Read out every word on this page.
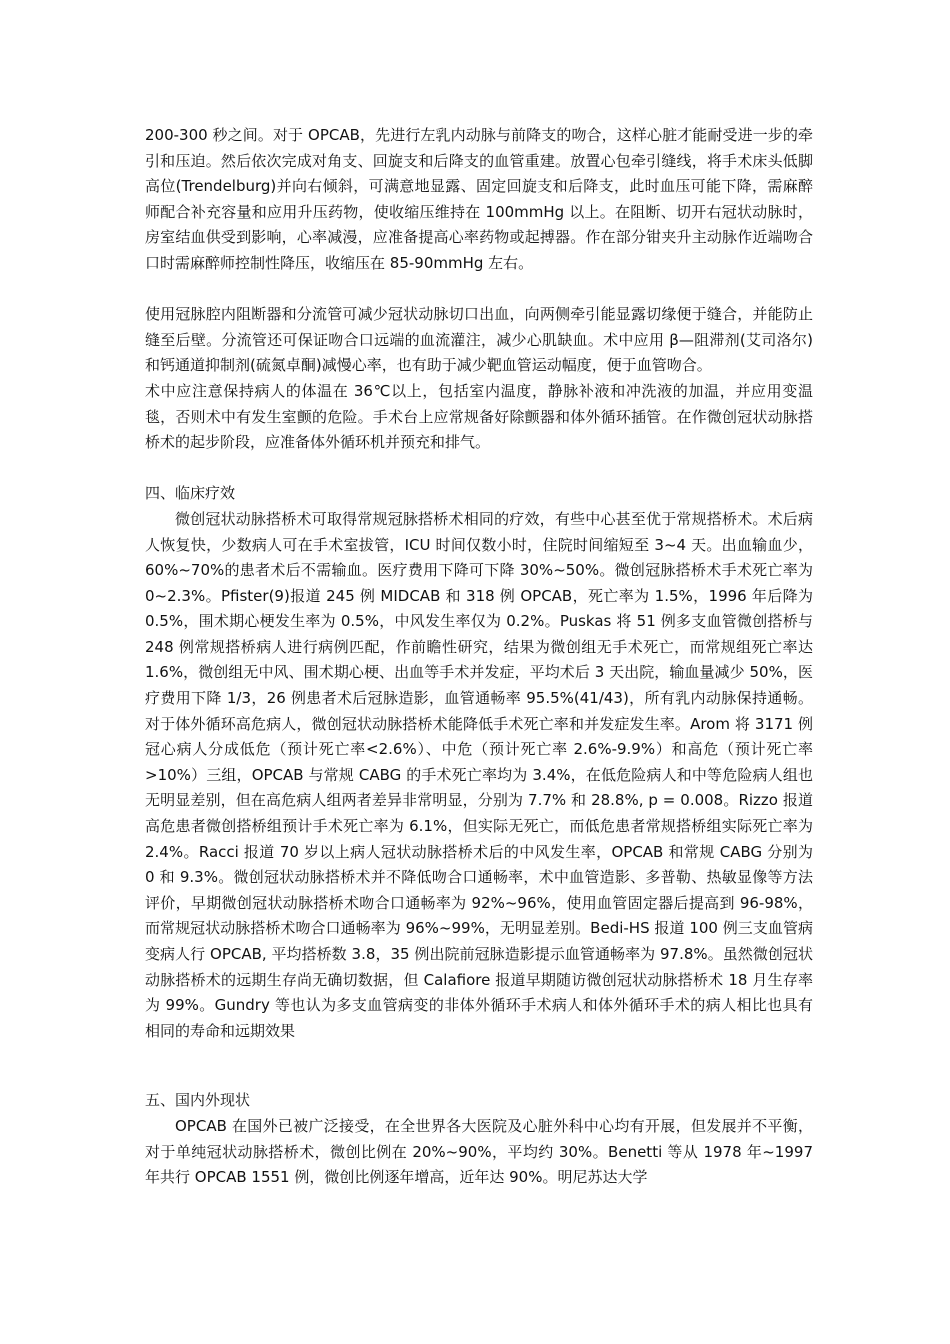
200-300 秒之间。对于 OPCAB，先进行左乳内动脉与前降支的吻合，这样心脏才能耐受进一步的牵引和压迫。然后依次完成对角支、回旋支和后降支的血管重建。放置心包牵引缝线，将手术床头低脚高位(Trendelburg)并向右倾斜，可满意地显露、固定回旋支和后降支，此时血压可能下降，需麻醉师配合补充容量和应用升压药物，使收缩压维持在 100mmHg 以上。在阻断、切开右冠状动脉时，房室结血供受到影响，心率减漫，应准备提高心率药物或起搏器。作在部分钳夹升主动脉作近端吻合口时需麻醉师控制性降压，收缩压在 85-90mmHg 左右。

使用冠脉腔内阻断器和分流管可减少冠状动脉切口出血，向两侧牵引能显露切缘便于缝合，并能防止缝至后壁。分流管还可保证吻合口远端的血流灌注，减少心肌缺血。术中应用 β—阻滞剂(艾司洛尔)和钙通道抑制剂(硫氮卓酮)减慢心率，也有助于减少靶血管运动幅度，便于血管吻合。

术中应注意保持病人的体温在 36℃以上，包括室内温度，静脉补液和冲洗液的加温，并应用变温毯，否则术中有发生室颤的危险。手术台上应常规备好除颤器和体外循环插管。在作微创冠状动脉搭桥术的起步阶段，应准备体外循环机并预充和排气。

四、临床疗效

微创冠状动脉搭桥术可取得常规冠脉搭桥术相同的疗效，有些中心甚至优于常规搭桥术。术后病人恢复快，少数病人可在手术室拔管，ICU 时间仅数小时，住院时间缩短至 3~4 天。出血输血少，60%~70%的患者术后不需输血。医疗费用下降可下降 30%~50%。微创冠脉搭桥术手术死亡率为 0~2.3%。Pfister(9)报道 245 例 MIDCAB 和 318 例 OPCAB，死亡率为 1.5%，1996 年后降为 0.5%，围术期心梗发生率为 0.5%，中风发生率仅为 0.2%。Puskas 将 51 例多支血管微创搭桥与 248 例常规搭桥病人进行病例匹配，作前瞻性研究，结果为微创组无手术死亡，而常规组死亡率达 1.6%，微创组无中风、围术期心梗、出血等手术并发症，平均术后 3 天出院，输血量减少 50%，医疗费用下降 1/3，26 例患者术后冠脉造影，血管通畅率 95.5%(41/43)，所有乳内动脉保持通畅。对于体外循环高危病人，微创冠状动脉搭桥术能降低手术死亡率和并发症发生率。Arom 将 3171 例冠心病人分成低危（预计死亡率<2.6%）、中危（预计死亡率 2.6%-9.9%）和高危（预计死亡率>10%）三组，OPCAB 与常规 CABG 的手术死亡率均为 3.4%，在低危险病人和中等危险病人组也无明显差别，但在高危病人组两者差异非常明显，分别为 7.7% 和 28.8%, p = 0.008。Rizzo 报道高危患者微创搭桥组预计手术死亡率为 6.1%，但实际无死亡，而低危患者常规搭桥组实际死亡率为 2.4%。Racci 报道 70 岁以上病人冠状动脉搭桥术后的中风发生率，OPCAB 和常规 CABG 分别为 0 和 9.3%。微创冠状动脉搭桥术并不降低吻合口通畅率，术中血管造影、多普勒、热敏显像等方法评价，早期微创冠状动脉搭桥术吻合口通畅率为 92%~96%，使用血管固定器后提高到 96-98%，而常规冠状动脉搭桥术吻合口通畅率为 96%~99%，无明显差别。Bedi-HS 报道 100 例三支血管病变病人行 OPCAB, 平均搭桥数 3.8，35 例出院前冠脉造影提示血管通畅率为 97.8%。虽然微创冠状动脉搭桥术的远期生存尚无确切数据，但 Calafiore 报道早期随访微创冠状动脉搭桥术 18 月生存率为 99%。Gundry 等也认为多支血管病变的非体外循环手术病人和体外循环手术的病人相比也具有相同的寿命和远期效果

五、国内外现状

OPCAB 在国外已被广泛接受，在全世界各大医院及心脏外科中心均有开展，但发展并不平衡，对于单纯冠状动脉搭桥术，微创比例在 20%~90%，平均约 30%。Benetti 等从 1978 年~1997 年共行 OPCAB 1551 例，微创比例逐年增高，近年达 90%。明尼苏达大学
